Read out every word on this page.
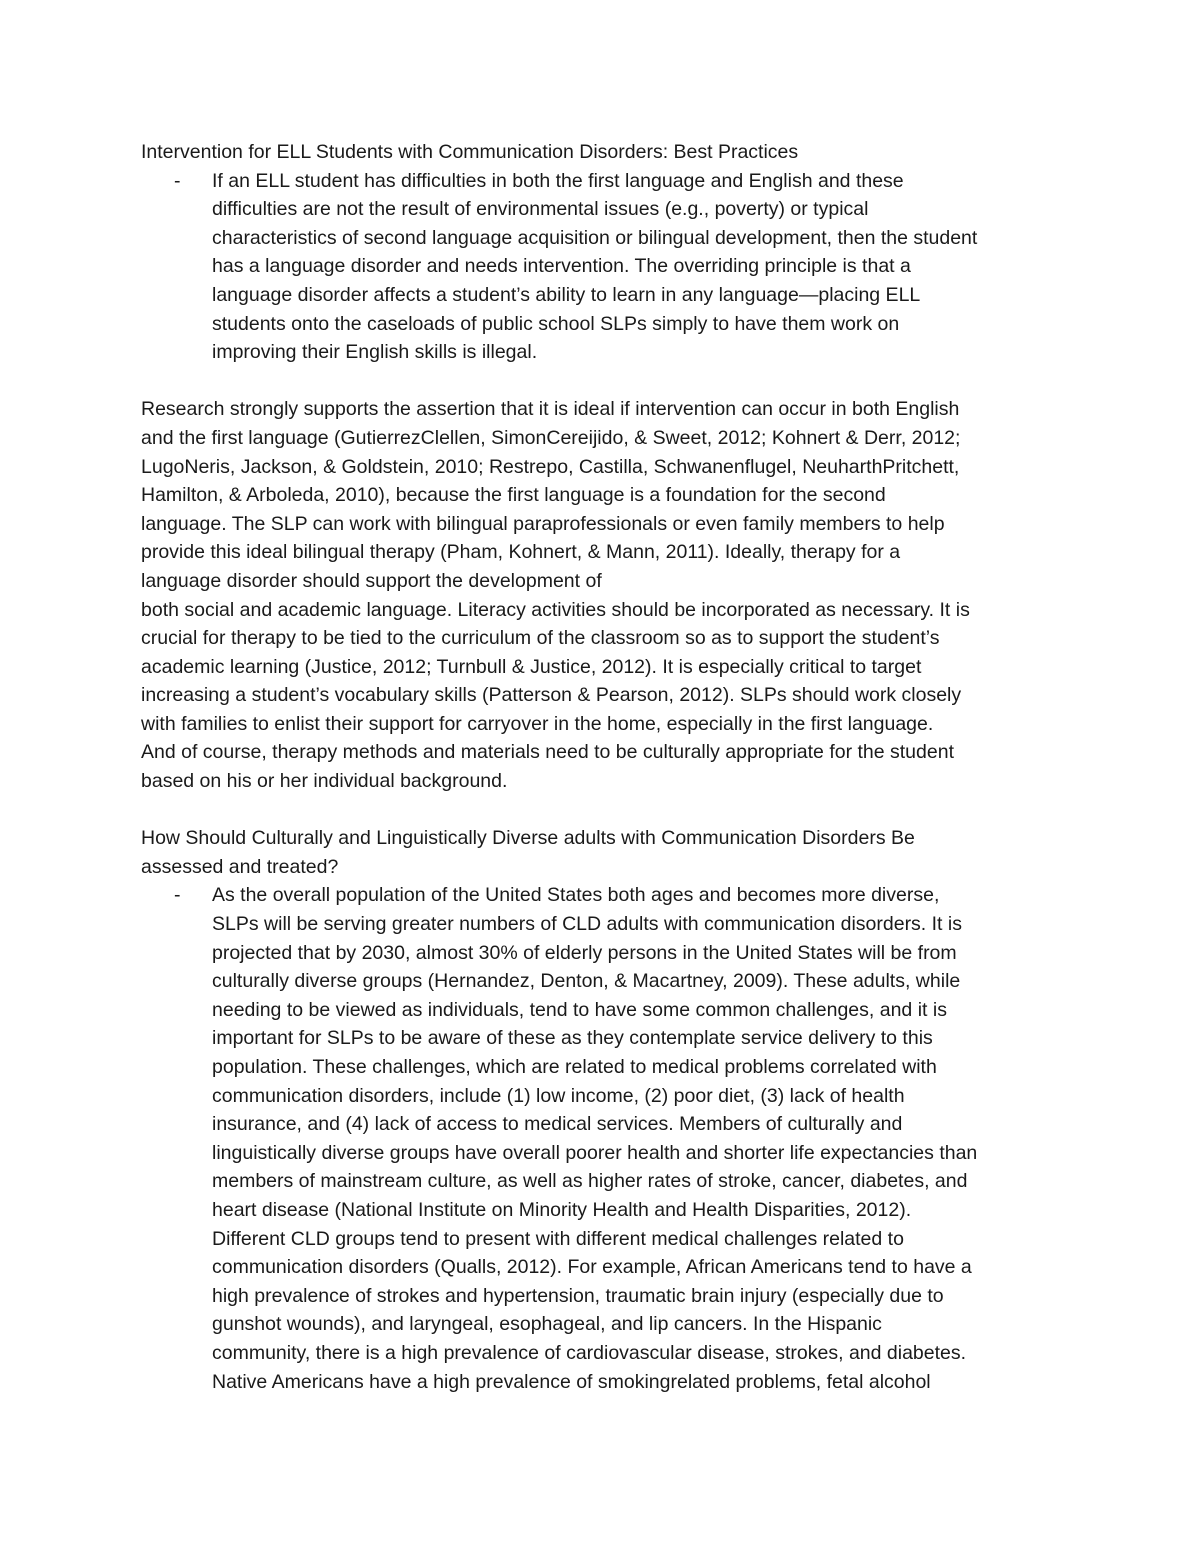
Intervention for ELL Students with Communication Disorders: Best Practices
- If an ELL student has difficulties in both the first language and English and these
difficulties are not the result of environmental issues (e.g., poverty) or typical
characteristics of second language acquisition or bilingual development, then the student
has a language disorder and needs intervention. The overriding principle is that a
language disorder affects a student’s ability to learn in any language—placing ELL
students onto the caseloads of public school SLPs simply to have them work on
improving their English skills is illegal.

Research strongly supports the assertion that it is ideal if intervention can occur in both English
and the first language (GutierrezClellen, SimonCereijido, & Sweet, 2012; Kohnert & Derr, 2012;
LugoNeris, Jackson, & Goldstein, 2010; Restrepo, Castilla, Schwanenflugel, NeuharthPritchett,
Hamilton, & Arboleda, 2010), because the first language is a foundation for the second
language. The SLP can work with bilingual paraprofessionals or even family members to help
provide this ideal bilingual therapy (Pham, Kohnert, & Mann, 2011). Ideally, therapy for a
language disorder should support the development of
both social and academic language. Literacy activities should be incorporated as necessary. It is
crucial for therapy to be tied to the curriculum of the classroom so as to support the student’s
academic learning (Justice, 2012; Turnbull & Justice, 2012). It is especially critical to target
increasing a student’s vocabulary skills (Patterson & Pearson, 2012). SLPs should work closely
with families to enlist their support for carryover in the home, especially in the first language.
And of course, therapy methods and materials need to be culturally appropriate for the student
based on his or her individual background.

How Should Culturally and Linguistically Diverse adults with Communication Disorders Be
assessed and treated?
- As the overall population of the United States both ages and becomes more diverse,
SLPs will be serving greater numbers of CLD adults with communication disorders. It is
projected that by 2030, almost 30% of elderly persons in the United States will be from
culturally diverse groups (Hernandez, Denton, & Macartney, 2009). These adults, while
needing to be viewed as individuals, tend to have some common challenges, and it is
important for SLPs to be aware of these as they contemplate service delivery to this
population. These challenges, which are related to medical problems correlated with
communication disorders, include (1) low income, (2) poor diet, (3) lack of health
insurance, and (4) lack of access to medical services. Members of culturally and
linguistically diverse groups have overall poorer health and shorter life expectancies than
members of mainstream culture, as well as higher rates of stroke, cancer, diabetes, and
heart disease (National Institute on Minority Health and Health Disparities, 2012).
Different CLD groups tend to present with different medical challenges related to
communication disorders (Qualls, 2012). For example, African Americans tend to have a
high prevalence of strokes and hypertension, traumatic brain injury (especially due to
gunshot wounds), and laryngeal, esophageal, and lip cancers. In the Hispanic
community, there is a high prevalence of cardiovascular disease, strokes, and diabetes.
Native Americans have a high prevalence of smokingrelated problems, fetal alcohol
